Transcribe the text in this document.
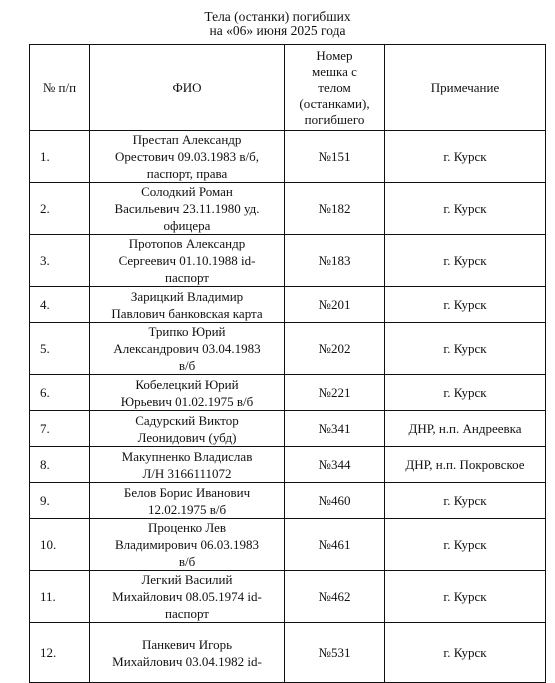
Тела (останки) погибших
на «06» июня 2025 года
№ п/п	ФИО	Номер
мешка с
телом
(останками),
погибшего	Примечание
1.	Престап Александр
Орестович 09.03.1983 в/б,
паспорт, права	№151	г. Курск
2.	Солодкий Роман
Васильевич 23.11.1980 уд.
офицера	№182	г. Курск
3.	Протопов Александр
Сергеевич 01.10.1988 id-
паспорт	№183	г. Курск
4.	Зарицкий Владимир
Павлович банковская карта	№201	г. Курск
5.	Трипко Юрий
Александрович 03.04.1983
в/б	№202	г. Курск
6.	Кобелецкий Юрий
Юрьевич 01.02.1975 в/б	№221	г. Курск
7.	Садурский Виктор
Леонидович (убд)	№341	ДНР, н.п. Андреевка
8.	Макупненко Владислав
Л/Н 3166111072	№344	ДНР, н.п. Покровское
9.	Белов Борис Иванович
12.02.1975 в/б	№460	г. Курск
10.	Проценко Лев
Владимирович 06.03.1983
в/б	№461	г. Курск
11.	Легкий Василий
Михайлович 08.05.1974 id-
паспорт	№462	г. Курск
12.	Панкевич Игорь
Михайлович 03.04.1982 id-	№531	г. Курск
